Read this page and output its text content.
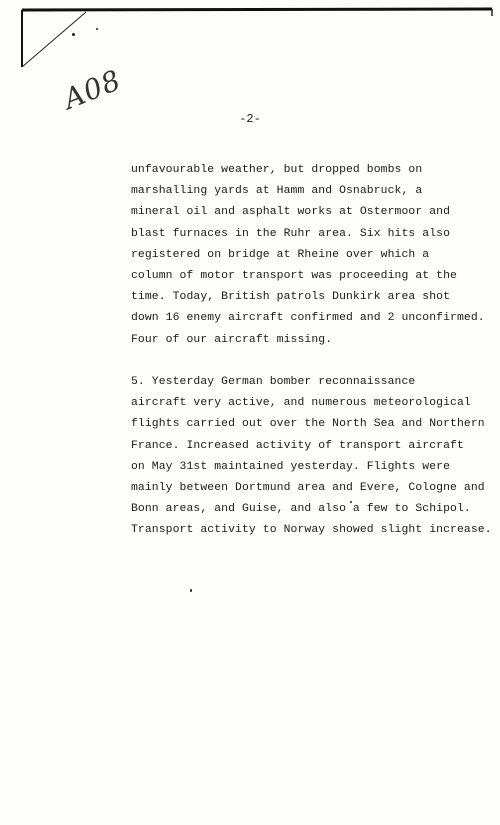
A08
-2-
unfavourable weather, but dropped bombs on
marshalling yards at Hamm and Osnabruck, a
mineral oil and asphalt works at Ostermoor and
blast furnaces in the Ruhr area. Six hits also
registered on bridge at Rheine over which a
column of motor transport was proceeding at the
time. Today, British patrols Dunkirk area shot
down 16 enemy aircraft confirmed and 2 unconfirmed.
Four of our aircraft missing.
5. Yesterday German bomber reconnaissance
aircraft very active, and numerous meteorological
flights carried out over the North Sea and Northern
France. Increased activity of transport aircraft
on May 31st maintained yesterday. Flights were
mainly between Dortmund area and Evere, Cologne and
Bonn areas, and Guise, and also a few to Schipol.
Transport activity to Norway showed slight increase.
